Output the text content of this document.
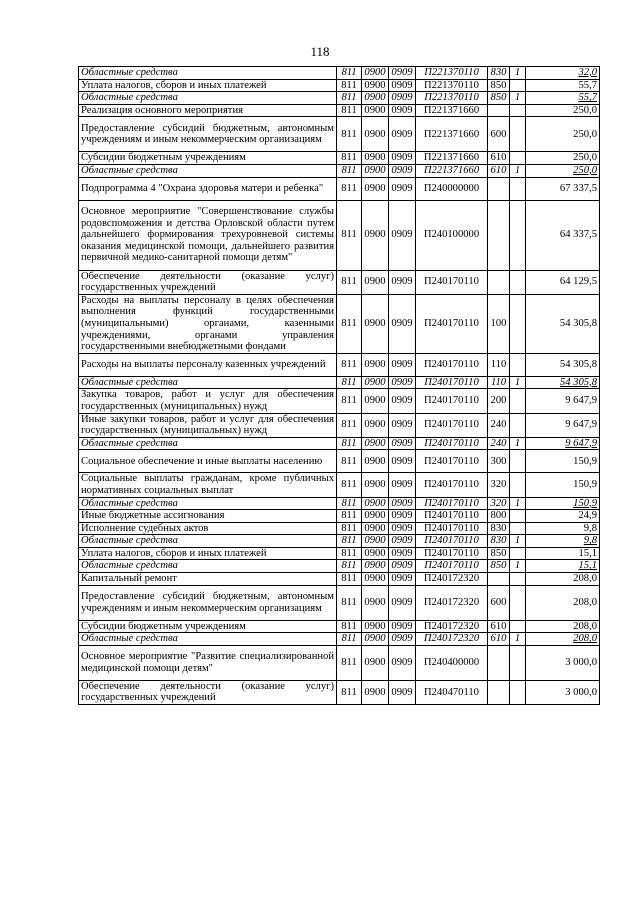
118
Областные средства	811	0900	0909	П221370110	830	1	32,0
Уплата налогов, сборов и иных платежей	811	0900	0909	П221370110	850		55,7
Областные средства	811	0900	0909	П221370110	850	1	55,7
Реализация основного мероприятия	811	0900	0909	П221371660			250,0
Предоставление субсидий бюджетным, автономным учреждениям и иным некоммерческим организациям	811	0900	0909	П221371660	600		250,0
Субсидии бюджетным учреждениям	811	0900	0909	П221371660	610		250,0
Областные средства	811	0900	0909	П221371660	610	1	250,0
Подпрограмма 4 "Охрана здоровья матери и ребенка"	811	0900	0909	П240000000			67 337,5
Основное мероприятие "Совершенствование службы родовспоможения и детства Орловской области путем дальнейшего формирования трехуровневой системы оказания медицинской помощи, дальнейшего развития первичной медико-санитарной помощи детям"	811	0900	0909	П240100000			64 337,5
Обеспечение деятельности (оказание услуг) государственных учреждений	811	0900	0909	П240170110			64 129,5
Расходы на выплаты персоналу в целях обеспечения выполнения функций государственными (муниципальными) органами, казенными учреждениями, органами управления государственными внебюджетными фондами	811	0900	0909	П240170110	100		54 305,8
Расходы на выплаты персоналу казенных учреждений	811	0900	0909	П240170110	110		54 305,8
Областные средства	811	0900	0909	П240170110	110	1	54 305,8
Закупка товаров, работ и услуг для обеспечения государственных (муниципальных) нужд	811	0900	0909	П240170110	200		9 647,9
Иные закупки товаров, работ и услуг для обеспечения государственных (муниципальных) нужд	811	0900	0909	П240170110	240		9 647,9
Областные средства	811	0900	0909	П240170110	240	1	9 647,9
Социальное обеспечение и иные выплаты населению	811	0900	0909	П240170110	300		150,9
Социальные выплаты гражданам, кроме публичных нормативных социальных выплат	811	0900	0909	П240170110	320		150,9
Областные средства	811	0900	0909	П240170110	320	1	150,9
Иные бюджетные ассигнования	811	0900	0909	П240170110	800		24,9
Исполнение судебных актов	811	0900	0909	П240170110	830		9,8
Областные средства	811	0900	0909	П240170110	830	1	9,8
Уплата налогов, сборов и иных платежей	811	0900	0909	П240170110	850		15,1
Областные средства	811	0900	0909	П240170110	850	1	15,1
Капитальный ремонт	811	0900	0909	П240172320			208,0
Предоставление субсидий бюджетным, автономным учреждениям и иным некоммерческим организациям	811	0900	0909	П240172320	600		208,0
Субсидии бюджетным учреждениям	811	0900	0909	П240172320	610		208,0
Областные средства	811	0900	0909	П240172320	610	1	208,0
Основное мероприятие "Развитие специализированной медицинской помощи детям"	811	0900	0909	П240400000			3 000,0
Обеспечение деятельности (оказание услуг) государственных учреждений	811	0900	0909	П240470110			3 000,0
